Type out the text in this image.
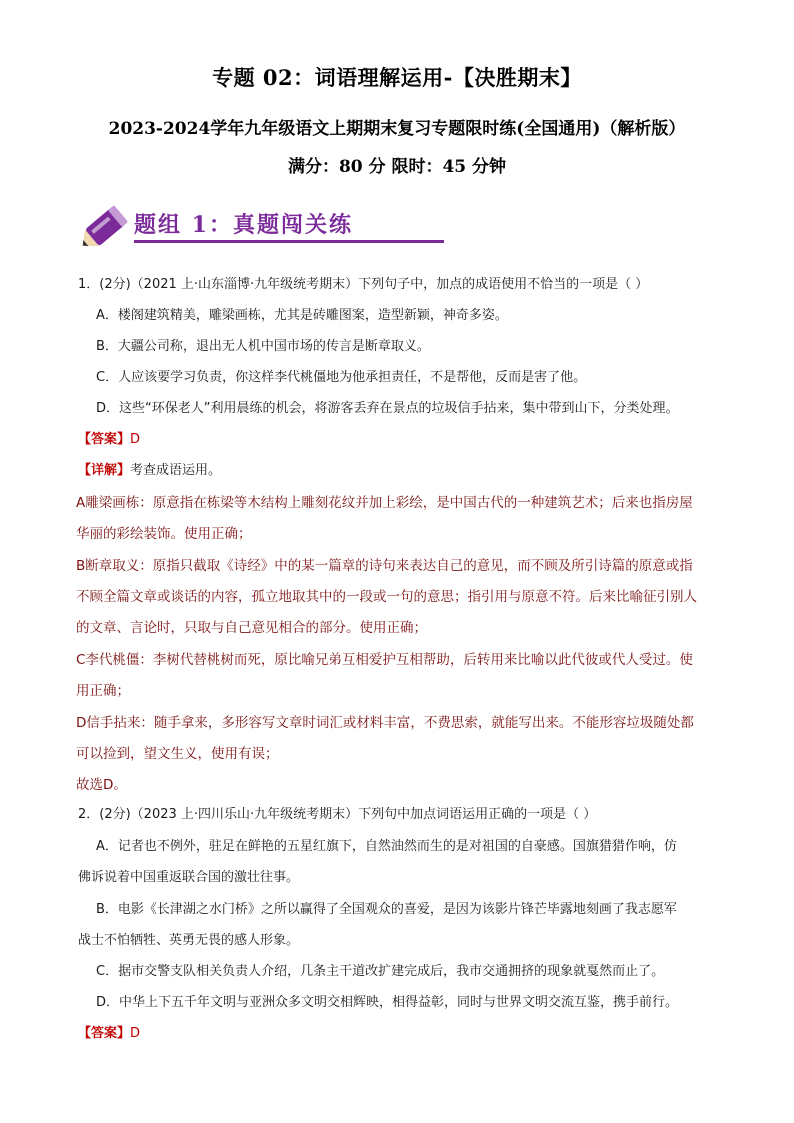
专题 02：词语理解运用-【决胜期末】
2023-2024学年九年级语文上期期末复习专题限时练(全国通用)（解析版）
满分：80 分 限时：45 分钟
题组 1：真题闯关练
1．(2分)（2021 上·山东淄博·九年级统考期末）下列句子中，加点的成语使用不恰当的一项是（ ）
A．楼阁建筑精美，雕梁画栋，尤其是砖雕图案，造型新颖，神奇多姿。
B．大疆公司称，退出无人机中国市场的传言是断章取义。
C．人应该要学习负责，你这样李代桃僵地为他承担责任，不是帮他，反而是害了他。
D．这些“环保老人”利用晨练的机会，将游客丢弃在景点的垃圾信手拈来，集中带到山下，分类处理。
【答案】D
【详解】考查成语运用。
A雕梁画栋：原意指在栋梁等木结构上雕刻花纹并加上彩绘，是中国古代的一种建筑艺术；后来也指房屋
华丽的彩绘装饰。使用正确；
B断章取义：原指只截取《诗经》中的某一篇章的诗句来表达自己的意见，而不顾及所引诗篇的原意或指
不顾全篇文章或谈话的内容，孤立地取其中的一段或一句的意思；指引用与原意不符。后来比喻征引别人
的文章、言论时，只取与自己意见相合的部分。使用正确；
C李代桃僵：李树代替桃树而死，原比喻兄弟互相爱护互相帮助，后转用来比喻以此代彼或代人受过。使
用正确；
D信手拈来：随手拿来，多形容写文章时词汇或材料丰富，不费思索，就能写出来。不能形容垃圾随处都
可以捡到，望文生义，使用有误；
故选D。
2．(2分)（2023 上·四川乐山·九年级统考期末）下列句中加点词语运用正确的一项是（ ）
A．记者也不例外，驻足在鲜艳的五星红旗下，自然油然而生的是对祖国的自豪感。国旗猎猎作响，仿
佛诉说着中国重返联合国的激壮往事。
B．电影《长津湖之水门桥》之所以赢得了全国观众的喜爱，是因为该影片锋芒毕露地刻画了我志愿军
战士不怕牺牲、英勇无畏的感人形象。
C．据市交警支队相关负责人介绍，几条主干道改扩建完成后，我市交通拥挤的现象就戛然而止了。
D．中华上下五千年文明与亚洲众多文明交相辉映，相得益彰，同时与世界文明交流互鉴，携手前行。
【答案】D
